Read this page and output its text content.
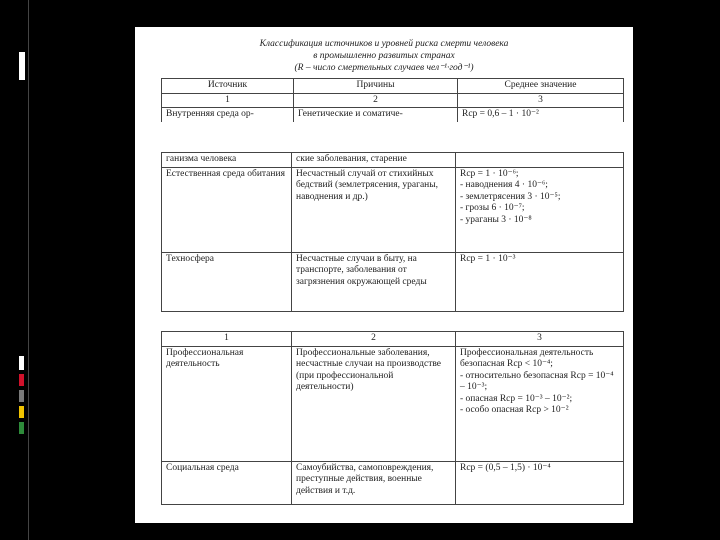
Классификация источников и уровней риска смерти человека
в промышленно развитых странах
(R – число смертельных случаев чел⁻¹·год⁻¹)
Источник	Причины	Среднее значение
1	2	3
Внутренняя среда ор-	Генетические и соматиче-	Rср = 0,6 – 1 · 10⁻²
ганизма человека	ские заболевания, старение	
Естественная среда обитания	Несчастный случай от стихийных бедствий (землетрясения, ураганы, наводнения и др.)	Rср = 1 · 10⁻⁶;
- наводнения 4 · 10⁻⁶;
- землетрясения 3 · 10⁻⁵;
- грозы 6 · 10⁻⁷;
- ураганы 3 · 10⁻⁸

Техносфера	Несчастные случаи в быту, на транспорте, заболевания от загрязнения окружающей среды	Rср = 1 · 10⁻³
1	2	3
Профессиональная деятельность	Профессиональные заболевания, несчастные случаи на производстве (при профессиональной деятельности)	Профессиональная деятельность
безопасная Rср < 10⁻⁴;
- относительно безопасная Rср = 10⁻⁴ – 10⁻³;
- опасная Rср = 10⁻³ – 10⁻²;
- особо опасная Rср > 10⁻²

Социальная среда	Самоубийства, самоповреждения, преступные действия, военные действия и т.д.	Rср = (0,5 – 1,5) · 10⁻⁴
